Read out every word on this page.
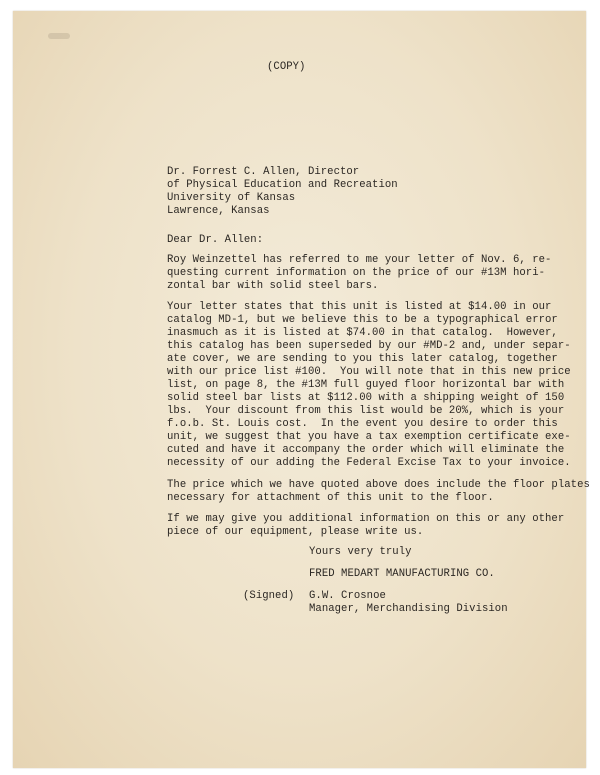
(COPY)
Dr. Forrest C. Allen, Director
of Physical Education and Recreation
University of Kansas
Lawrence, Kansas
Dear Dr. Allen:
Roy Weinzettel has referred to me your letter of Nov. 6, re-
questing current information on the price of our #13M hori-
zontal bar with solid steel bars.
Your letter states that this unit is listed at $14.00 in our
catalog MD-1, but we believe this to be a typographical error
inasmuch as it is listed at $74.00 in that catalog.  However,
this catalog has been superseded by our #MD-2 and, under separ-
ate cover, we are sending to you this later catalog, together
with our price list #100.  You will note that in this new price
list, on page 8, the #13M full guyed floor horizontal bar with
solid steel bar lists at $112.00 with a shipping weight of 150
lbs.  Your discount from this list would be 20%, which is your
f.o.b. St. Louis cost.  In the event you desire to order this
unit, we suggest that you have a tax exemption certificate exe-
cuted and have it accompany the order which will eliminate the
necessity of our adding the Federal Excise Tax to your invoice.
The price which we have quoted above does include the floor plates
necessary for attachment of this unit to the floor.
If we may give you additional information on this or any other
piece of our equipment, please write us.
Yours very truly
FRED MEDART MANUFACTURING CO.
(Signed) G.W. Crosnoe
Manager, Merchandising Division
